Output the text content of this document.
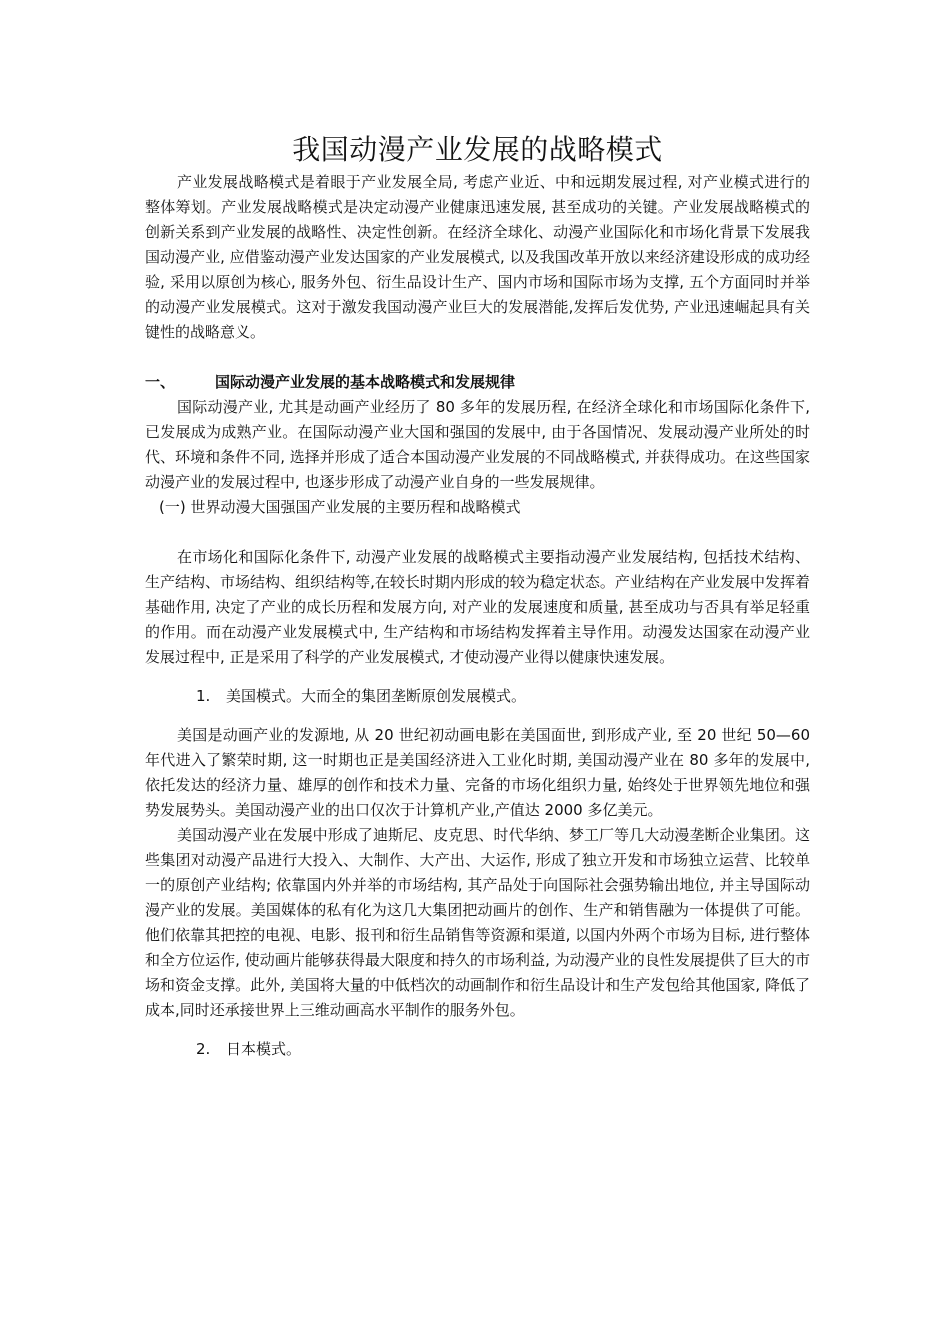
我国动漫产业发展的战略模式

产业发展战略模式是着眼于产业发展全局, 考虑产业近、中和远期发展过程, 对产业模式进行的整体筹划。产业发展战略模式是决定动漫产业健康迅速发展, 甚至成功的关键。产业发展战略模式的创新关系到产业发展的战略性、决定性创新。在经济全球化、动漫产业国际化和市场化背景下发展我国动漫产业, 应借鉴动漫产业发达国家的产业发展模式, 以及我国改革开放以来经济建设形成的成功经验, 采用以原创为核心, 服务外包、衍生品设计生产、国内市场和国际市场为支撑, 五个方面同时并举的动漫产业发展模式。这对于激发我国动漫产业巨大的发展潜能,发挥后发优势, 产业迅速崛起具有关键性的战略意义。

一、	国际动漫产业发展的基本战略模式和发展规律

国际动漫产业, 尤其是动画产业经历了 80 多年的发展历程, 在经济全球化和市场国际化条件下,已发展成为成熟产业。在国际动漫产业大国和强国的发展中, 由于各国情况、发展动漫产业所处的时代、环境和条件不同, 选择并形成了适合本国动漫产业发展的不同战略模式, 并获得成功。在这些国家动漫产业的发展过程中, 也逐步形成了动漫产业自身的一些发展规律。

(一) 世界动漫大国强国产业发展的主要历程和战略模式

在市场化和国际化条件下, 动漫产业发展的战略模式主要指动漫产业发展结构, 包括技术结构、生产结构、市场结构、组织结构等,在较长时期内形成的较为稳定状态。产业结构在产业发展中发挥着基础作用, 决定了产业的成长历程和发展方向, 对产业的发展速度和质量, 甚至成功与否具有举足轻重的作用。而在动漫产业发展模式中, 生产结构和市场结构发挥着主导作用。动漫发达国家在动漫产业发展过程中, 正是采用了科学的产业发展模式, 才使动漫产业得以健康快速发展。

1.	美国模式。大而全的集团垄断原创发展模式。

美国是动画产业的发源地, 从 20 世纪初动画电影在美国面世, 到形成产业, 至 20 世纪 50—60 年代进入了繁荣时期, 这一时期也正是美国经济进入工业化时期, 美国动漫产业在 80 多年的发展中, 依托发达的经济力量、雄厚的创作和技术力量、完备的市场化组织力量, 始终处于世界领先地位和强势发展势头。美国动漫产业的出口仅次于计算机产业,产值达 2000 多亿美元。

美国动漫产业在发展中形成了迪斯尼、皮克思、时代华纳、梦工厂等几大动漫垄断企业集团。这些集团对动漫产品进行大投入、大制作、大产出、大运作, 形成了独立开发和市场独立运营、比较单一的原创产业结构; 依靠国内外并举的市场结构, 其产品处于向国际社会强势输出地位, 并主导国际动漫产业的发展。美国媒体的私有化为这几大集团把动画片的创作、生产和销售融为一体提供了可能。他们依靠其把控的电视、电影、报刊和衍生品销售等资源和渠道, 以国内外两个市场为目标, 进行整体和全方位运作, 使动画片能够获得最大限度和持久的市场利益, 为动漫产业的良性发展提供了巨大的市场和资金支撑。此外, 美国将大量的中低档次的动画制作和衍生品设计和生产发包给其他国家, 降低了成本,同时还承接世界上三维动画高水平制作的服务外包。

2.	日本模式。
